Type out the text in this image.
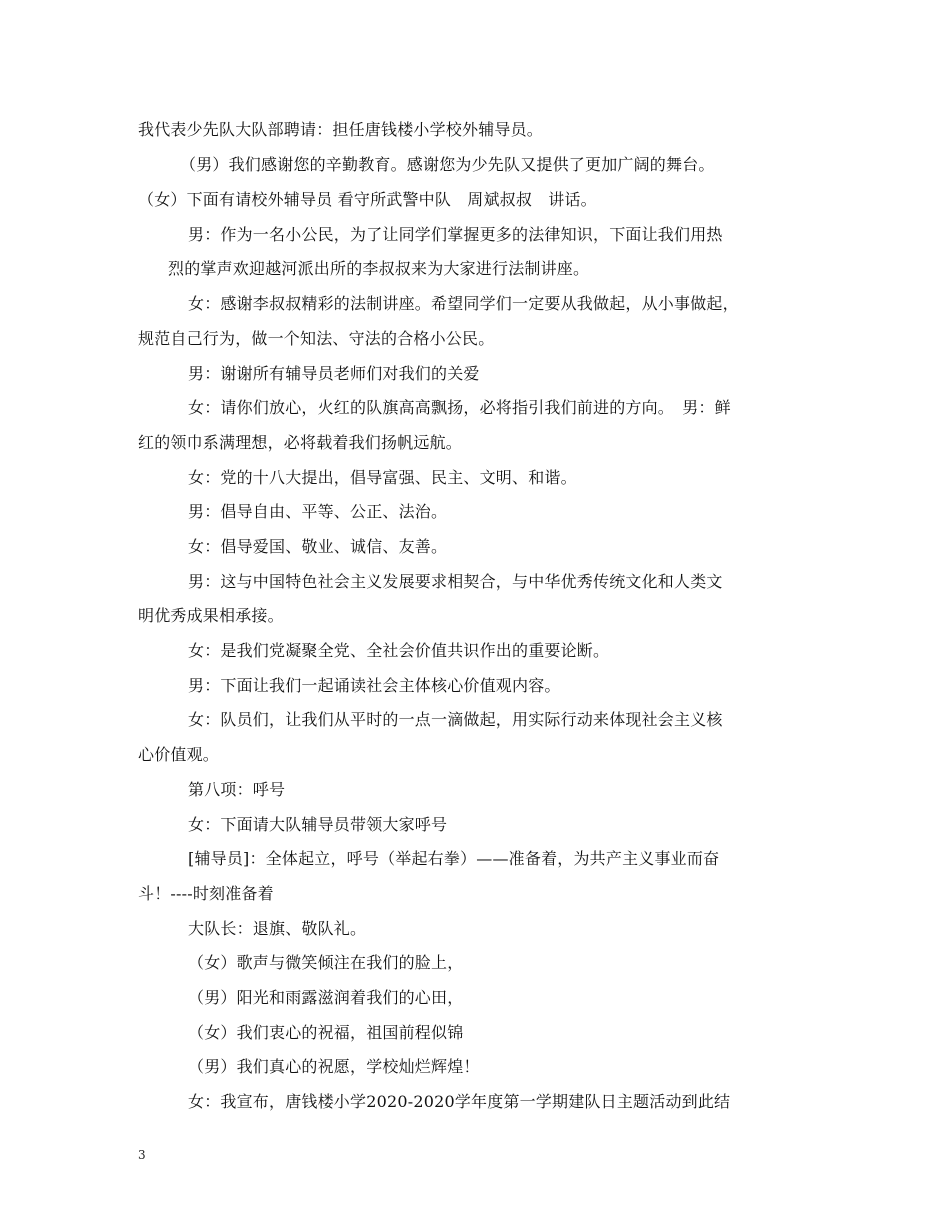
我代表少先队大队部聘请：担任唐钱楼小学校外辅导员。
（男）我们感谢您的辛勤教育。感谢您为少先队又提供了更加广阔的舞台。
（女）下面有请校外辅导员 看守所武警中队　周斌叔叔　讲话。
男：作为一名小公民，为了让同学们掌握更多的法律知识，下面让我们用热
烈的掌声欢迎越河派出所的李叔叔来为大家进行法制讲座。
女：感谢李叔叔精彩的法制讲座。希望同学们一定要从我做起，从小事做起，
规范自己行为，做一个知法、守法的合格小公民。
男：谢谢所有辅导员老师们对我们的关爱
女：请你们放心，火红的队旗高高飘扬，必将指引我们前进的方向。　男：鲜
红的领巾系满理想，必将载着我们扬帆远航。
女：党的十八大提出，倡导富强、民主、文明、和谐。
男：倡导自由、平等、公正、法治。
女：倡导爱国、敬业、诚信、友善。
男：这与中国特色社会主义发展要求相契合，与中华优秀传统文化和人类文
明优秀成果相承接。
女：是我们党凝聚全党、全社会价值共识作出的重要论断。
男：下面让我们一起诵读社会主体核心价值观内容。
女：队员们，让我们从平时的一点一滴做起，用实际行动来体现社会主义核
心价值观。
第八项：呼号
女：下面请大队辅导员带领大家呼号
[辅导员]：全体起立，呼号（举起右拳）——准备着，为共产主义事业而奋
斗！----时刻准备着
大队长：退旗、敬队礼。
（女）歌声与微笑倾注在我们的脸上，
（男）阳光和雨露滋润着我们的心田，
（女）我们衷心的祝福，祖国前程似锦
（男）我们真心的祝愿，学校灿烂辉煌！
女：我宣布，唐钱楼小学2020-2020学年度第一学期建队日主题活动到此结
3
